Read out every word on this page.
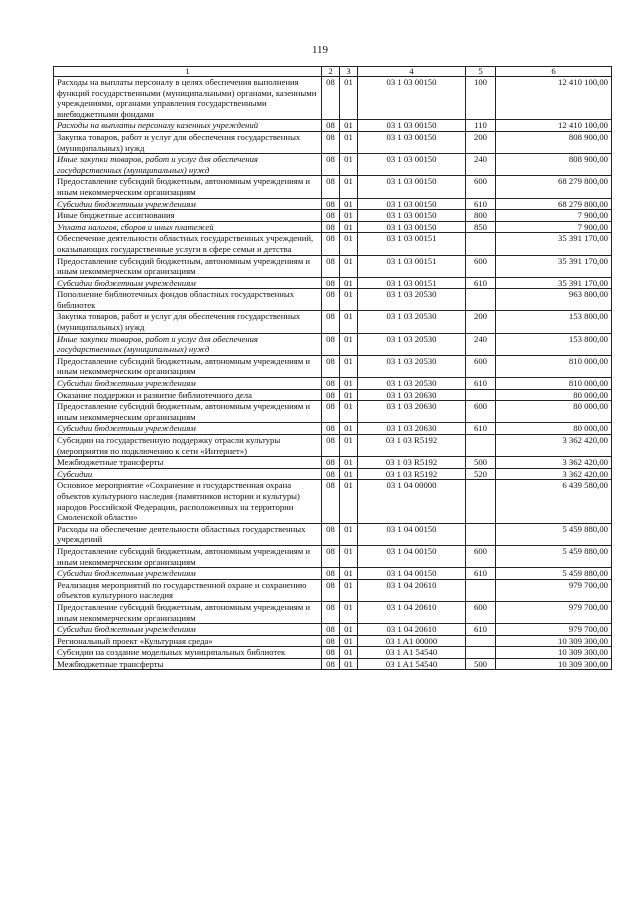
119
1	2	3	4	5	6
Расходы на выплаты персоналу в целях обеспечения выполнения функций государственными (муниципальными) органами, казенными учреждениями, органами управления государственными внебюджетными фондами	08	01	03 1 03 00150	100	12 410 100,00
Расходы на выплаты персоналу казенных учреждений	08	01	03 1 03 00150	110	12 410 100,00
Закупка товаров, работ и услуг для обеспечения государственных (муниципальных) нужд	08	01	03 1 03 00150	200	808 900,00
Иные закупки товаров, работ и услуг для обеспечения государственных (муниципальных) нужд	08	01	03 1 03 00150	240	808 900,00
Предоставление субсидий бюджетным, автономным учреждениям и иным некоммерческим организациям	08	01	03 1 03 00150	600	68 279 800,00
Субсидии бюджетным учреждениям	08	01	03 1 03 00150	610	68 279 800,00
Иные бюджетные ассигнования	08	01	03 1 03 00150	800	7 900,00
Уплата налогов, сборов и иных платежей	08	01	03 1 03 00150	850	7 900,00
Обеспечение деятельности областных государственных учреждений, оказывающих государственные услуги в сфере семьи и детства	08	01	03 1 03 00151		35 391 170,00
Предоставление субсидий бюджетным, автономным учреждениям и иным некоммерческим организациям	08	01	03 1 03 00151	600	35 391 170,00
Субсидии бюджетным учреждениям	08	01	03 1 03 00151	610	35 391 170,00
Пополнение библиотечных фондов областных государственных библиотек	08	01	03 1 03 20530		963 800,00
Закупка товаров, работ и услуг для обеспечения государственных (муниципальных) нужд	08	01	03 1 03 20530	200	153 800,00
Иные закупки товаров, работ и услуг для обеспечения государственных (муниципальных) нужд	08	01	03 1 03 20530	240	153 800,00
Предоставление субсидий бюджетным, автономным учреждениям и иным некоммерческим организациям	08	01	03 1 03 20530	600	810 000,00
Субсидии бюджетным учреждениям	08	01	03 1 03 20530	610	810 000,00
Оказание поддержки и развитие библиотечного дела	08	01	03 1 03 20630		80 000,00
Предоставление субсидий бюджетным, автономным учреждениям и иным некоммерческим организациям	08	01	03 1 03 20630	600	80 000,00
Субсидии бюджетным учреждениям	08	01	03 1 03 20630	610	80 000,00
Субсидии на государственную поддержку отрасли культуры (мероприятия по подключению к сети «Интернет»)	08	01	03 1 03 R5192		3 362 420,00
Межбюджетные трансферты	08	01	03 1 03 R5192	500	3 362 420,00
Субсидии	08	01	03 1 03 R5192	520	3 362 420,00
Основное мероприятие «Сохранение и государственная охрана объектов культурного наследия (памятников истории и культуры) народов Российской Федерации, расположенных на территории Смоленской области»	08	01	03 1 04 00000		6 439 580,00
Расходы на обеспечение деятельности областных государственных учреждений	08	01	03 1 04 00150		5 459 880,00
Предоставление субсидий бюджетным, автономным учреждениям и иным некоммерческим организациям	08	01	03 1 04 00150	600	5 459 880,00
Субсидии бюджетным учреждениям	08	01	03 1 04 00150	610	5 459 880,00
Реализация мероприятий по государственной охране и сохранению объектов культурного наследия	08	01	03 1 04 20610		979 700,00
Предоставление субсидий бюджетным, автономным учреждениям и иным некоммерческим организациям	08	01	03 1 04 20610	600	979 700,00
Субсидии бюджетным учреждениям	08	01	03 1 04 20610	610	979 700,00
Региональный проект «Культурная среда»	08	01	03 1 A1 00000		10 309 300,00
Субсидии на создание модельных муниципальных библиотек	08	01	03 1 A1 54540		10 309 300,00
Межбюджетные трансферты	08	01	03 1 A1 54540	500	10 309 300,00
